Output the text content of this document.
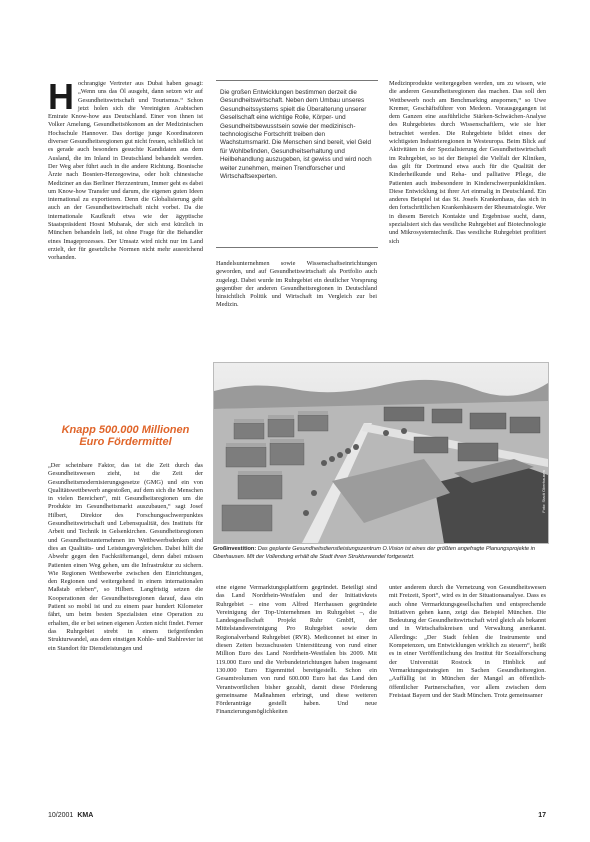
H ochrangige Vertreter aus Dubai haben gesagt: „Wenn uns das Öl ausgeht, dann setzen wir auf Gesundheitswirtschaft und Tourismus.“ Schon jetzt holen sich die Vereinigten Arabischen Emirate Know-how aus Deutschland. Einer von ihnen ist Volker Amelung, Gesundheitsökonom an der Medizinischen Hochschule Hannover. Das dortige junge Koordinatoren diverser Gesundheitsregionen gut nicht freuen, schließlich ist es gerade auch besonders gesuchte Kandidaten aus dem Ausland, die im Inland in Deutschland behandelt werden. Der Weg aber führt auch in die andere Richtung. Bosnische Ärzte nach Bosnien-Herzegowina, oder holt chinesische Mediziner an das Berliner Herzzentrum, Immer geht es dabei um Know-how Transfer und darum, die eigenen guten Ideen international zu exportieren. Denn die Globalisierung geht auch an der Gesundheitswirtschaft nicht vorbei. Da die internationale Kaufkraft etwa wie der ägyptische Staatspräsident Hosni Mubarak, der sich erst kürzlich in München behandeln ließ, ist ohne Frage für die Behandler eines Imageprozesses. Der Umsatz wird nicht nur im Land erzielt, der für gesetzliche Normen nicht mehr ausreichend vorhanden.

Knapp 500.000 Millionen Euro Fördermittel

„Der scheinbare Faktor, das ist die Zeit durch das Gesundheitswesen zieht, ist die Zeit der Gesundheitsmodernisierungsgesetze (GMG) und ein von Qualitätswettbewerb angestoßen, auf dem sich die Menschen in vielen Bereichen“, mit Gesundheitsregionen um die Produkte im Gesundheitsmarkt auszubauen,“ sagt Josef Hilbert, Direktor des Forschungsschwerpunktes Gesundheitswirtschaft und Lebensqualität, des Instituts für Arbeit und Technik in Gelsenkirchen. Gesundheitsregionen und Gesundheitsunternehmen im Wettbewerbsdenken sind dies an Qualitäts- und Leistungsvergleichen. Dabei hilft die Abwehr gegen den Fachkräftemangel, denn dabei müssen Patienten einen Weg gehen, um die Infrastruktur zu sichern. Wie Regionen Wettbewerbe zwischen den Einrichtungen, den Regionen und weitergehend in einem internationalen Maßstab erleben“, so Hilbert. Langfristig setzen die Kooperationen der Gesundheitsregionen darauf, dass ein Patient so mobil ist und zu einem paar hundert Kilometer fährt, um beim besten Spezialisten eine Operation zu erhalten, die er bei seinen eigenen Ärzten nicht findet. Ferner das Ruhrgebiet strebt in einem tiefgreifenden Strukturwandel, aus dem einstigen Kohle- und Stahlrevier ist ein Standort für Dienstleistungen und

Die großen Entwicklungen bestimmen derzeit die Gesundheitswirtschaft. Neben dem Umbau unseres Gesundheitssystems spielt die Überalterung unserer Gesellschaft eine wichtige Rolle, Körper- und Gesundheitsbewusstsein sowie der medizinisch-technologische Fortschritt treiben den Wachstumsmarkt. Die Menschen sind bereit, viel Geld für Wohlbefinden, Gesundheitserhaltung und Heilbehandlung auszugeben, ist gewiss und wird noch weiter zunehmen, meinen Trendforscher und Wirtschaftsexperten.

Handelsunternehmen sowie Wissenschaftseinrichtungen geworden, und auf Gesundheitswirtschaft als Portfolio auch zugelegt. Dabei wurde im Ruhrgebiet ein deutlicher Vorsprung gegenüber der anderen Gesundheitsregionen in Deutschland hinsichtlich Politik und Wirtschaft im Vergleich zur bei Medizin.

Medizinprodukte weitergegeben werden, um zu wissen, wie die anderen Gesundheitsregionen das machen. Das soll den Wettbewerb noch am Benchmarking anspornen,“ so Uwe Kremer, Geschäftsführer von Medeon. Vorausgegangen ist dem Ganzen eine ausführliche Stärken-Schwächen-Analyse des Ruhrgebietes durch Wissenschaftlern, wie sie hier betrachtet werden. Die Ruhrgebiete bildet eines der wichtigsten Industrieregionen in Westeuropa. Beim Blick auf Aktivitäten in der Spezialisierung der Gesundheitswirtschaft im Ruhrgebiet, so ist der Beispiel die Vielfalt der Kliniken, das gilt für Dortmund etwa auch für die Qualität der Kinderheilkunde und Reha- und palliative Pflege, die Patienten auch insbesondere in Kinderschwerpunktkliniken. Diese Entwicklung ist ihrer Art einmalig in Deutschland. Ein anderes Beispiel ist das St. Josefs Krankenhaus, das sich in den fortschrittlichen Krankenhäusern der Rheumatologie. Wer in diesem Bereich Kontakte und Ergebnisse sucht, dann, spezialisiert sich das westliche Ruhrgebiet auf Biotechnologie und Mikrosystemtechnik. Das westliche Ruhrgebiet profitiert sich

Foto: Stadt Oberhausen
Großinvestition: Das geplante Gesundheitsdienstleistungszentrum O.Vision ist eines der größten angefragte Planungsprojekte in Oberhausen. Mit der Vollendung erhält die Stadt ihren Strukturwandel fortgesetzt.

eine eigene Vermarktungsplattform gegründet. Beteiligt sind das Land Nordrhein-Westfalen und der Initiativkreis Ruhrgebiet – eine vom Alfred Herrhausen gegründete Vereinigung der Top-Unternehmen im Ruhrgebiet –, die Landesgesellschaft Projekt Ruhr GmbH, der Mittelstandsvereinigung Pro Ruhrgebiet sowie dem Regionalverband Ruhrgebiet (RVR). Mediconnet ist einer in diesen Zeiten bezuschussten Unterstützung von rund einer Million Euro des Land Nordrhein-Westfalen bis 2009. Mit 119.000 Euro und die Verbundeinrichtungen haben insgesamt 130.000 Euro Eigenmittel bereitgestellt. Schon ein Gesamtvolumen von rund 600.000 Euro hat das Land den Verantwortlichen bisher gezahlt, damit diese Förderung gemeinsame Maßnahmen erbringt, und diese weiteren Förderanträge gestellt haben. Und neue Finanzierungsmöglichkeiten

unter anderem durch die Vernetzung von Gesundheitswesen mit Freizeit, Sport“, wird es in der Situationsanalyse. Dass es auch ohne Vermarktungsgesellschaften und entsprechende Initiativen gehen kann, zeigt das Beispiel München. Die Bedeutung der Gesundheitswirtschaft wird gleich als bekannt und in Wirtschaftskreisen und Verwaltung anerkannt. Allerdings: „Der Stadt fehlen die Instrumente und Kompetenzen, um Entwicklungen wirklich zu steuern“, heißt es in einer Veröffentlichung des Institut für Sozialforschung der Universität Rostock in Hinblick auf Vermarktungsstrategien im Sachen Gesundheitsregion. „Auffällig ist in München der Mangel an öffentlich-öffentlicher Partnerschaften, vor allem zwischen dem Freistaat Bayern und der Stadt München. Trotz gemeinsamer

10/2001 KMA	17
